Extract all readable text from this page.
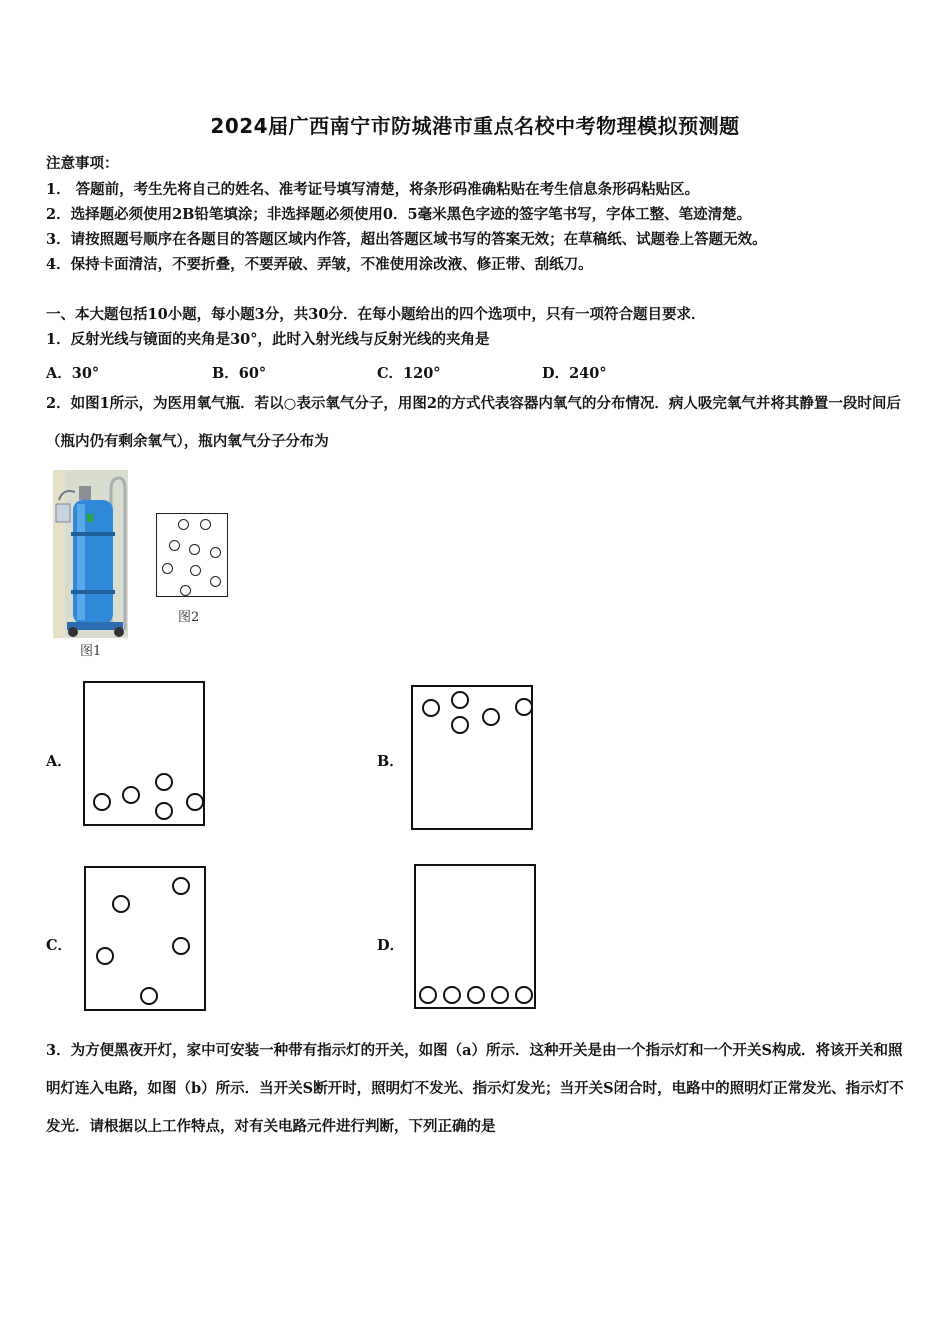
2024届广西南宁市防城港市重点名校中考物理模拟预测题
注意事项：
1． 答题前，考生先将自己的姓名、准考证号填写清楚，将条形码准确粘贴在考生信息条形码粘贴区。
2．选择题必须使用2B铅笔填涂；非选择题必须使用0．5毫米黑色字迹的签字笔书写，字体工整、笔迹清楚。
3．请按照题号顺序在各题目的答题区域内作答，超出答题区域书写的答案无效；在草稿纸、试题卷上答题无效。
4．保持卡面清洁，不要折叠，不要弄破、弄皱，不准使用涂改液、修正带、刮纸刀。
一、本大题包括10小题，每小题3分，共30分．在每小题给出的四个选项中，只有一项符合题目要求．
1．反射光线与镜面的夹角是30°，此时入射光线与反射光线的夹角是
A．30°	B．60°	C．120°	D．240°
2．如图1所示，为医用氧气瓶．若以○表示氧气分子，用图2的方式代表容器内氧气的分布情况．病人吸完氧气并将其静置一段时间后（瓶内仍有剩余氧气），瓶内氧气分子分布为
图1
图2
A．	B．
C．	D．
3．为方便黑夜开灯，家中可安装一种带有指示灯的开关，如图（a）所示．这种开关是由一个指示灯和一个开关S构成．将该开关和照明灯连入电路，如图（b）所示．当开关S断开时，照明灯不发光、指示灯发光；当开关S闭合时，电路中的照明灯正常发光、指示灯不发光．请根据以上工作特点，对有关电路元件进行判断，下列正确的是
